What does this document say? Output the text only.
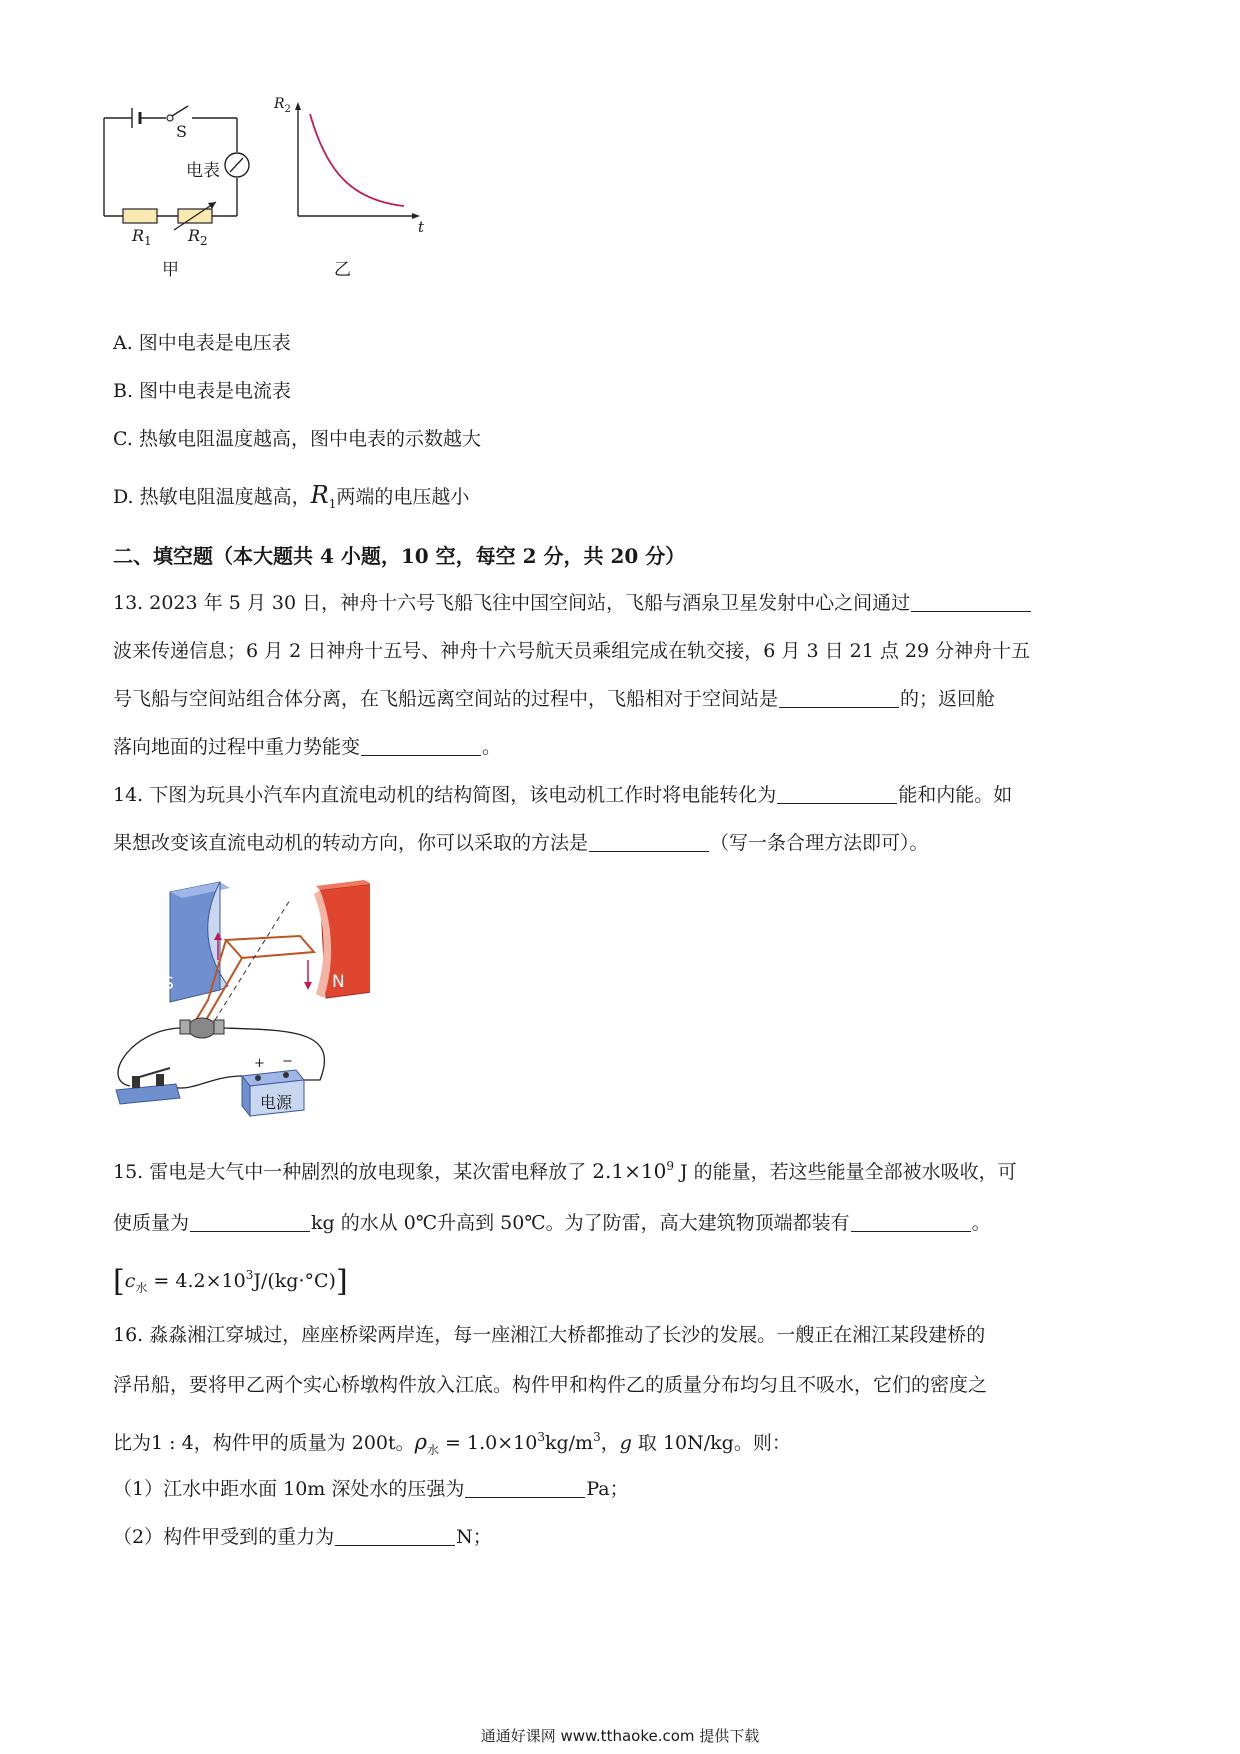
S
电表
$R_1$ $R_2$
甲
$R_2$
t
乙
A. 图中电表是电压表
B. 图中电表是电流表
C. 热敏电阻温度越高，图中电表的示数越大
D. 热敏电阻温度越高，$R_1$两端的电压越小
二、填空题（本大题共 4 小题，10 空，每空 2 分，共 20 分）
13. 2023 年 5 月 30 日，神舟十六号飞船飞往中国空间站，飞船与酒泉卫星发射中心之间通过
波来传递信息；6 月 2 日神舟十五号、神舟十六号航天员乘组完成在轨交接，6 月 3 日 21 点 29 分神舟十五
号飞船与空间站组合体分离，在飞船远离空间站的过程中，飞船相对于空间站是	的；返回舱
落向地面的过程中重力势能变	。
14. 下图为玩具小汽车内直流电动机的结构简图，该电动机工作时将电能转化为	能和内能。如
果想改变该直流电动机的转动方向，你可以采取的方法是	（写一条合理方法即可）。
S	N
电源
+ −
15. 雷电是大气中一种剧烈的放电现象，某次雷电释放了 $2.1\times 10^9$ J 的能量，若这些能量全部被水吸收，可
使质量为	kg 的水从 0℃升高到 50℃。为了防雷，高大建筑物顶端都装有	。
$[c_水 = 4.2\times 10^3J/(kg\cdot^\circ C)]$
16. 淼淼湘江穿城过，座座桥梁两岸连，每一座湘江大桥都推动了长沙的发展。一艘正在湘江某段建桥的
浮吊船，要将甲乙两个实心桥墩构件放入江底。构件甲和构件乙的质量分布均匀且不吸水，它们的密度之
比为1 : 4，构件甲的质量为 200t。$\rho_水 = 1.0\times 10^3kg/m^3$，g 取 10N/kg。则：
（1）江水中距水面 10m 深处水的压强为	Pa；
（2）构件甲受到的重力为	N；
通通好课网 www.tthaoke.com 提供下载
